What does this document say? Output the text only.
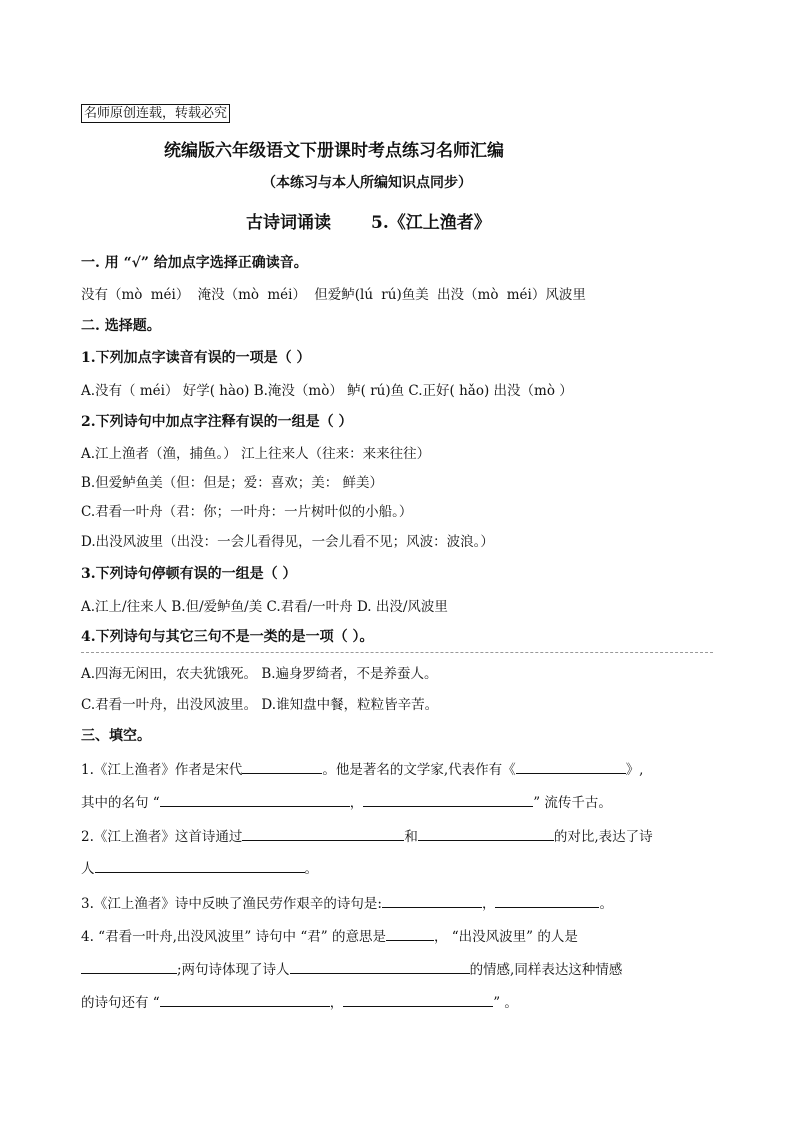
名师原创连载，转载必究
统编版六年级语文下册课时考点练习名师汇编
（本练习与本人所编知识点同步）
古诗词诵读 5.《江上渔者》
一. 用 “√” 给加点字选择正确读音。
没有（mò méi） 淹没（mò méi） 但爱鲈(lú rú)鱼美 出没（mò méi）风波里
二. 选择题。
1.下列加点字读音有误的一项是（ ）
A.没有（ méi） 好学( hào) B.淹没（mò） 鲈( rú)鱼 C.正好( hǎo) 出没（mò ）
2.下列诗句中加点字注释有误的一组是（ ）
A.江上渔者（渔，捕鱼。） 江上往来人（往来：来来往往）
B.但爱鲈鱼美（但：但是；爱：喜欢；美： 鲜美）
C.君看一叶舟（君：你；一叶舟：一片树叶似的小船。）
D.出没风波里（出没：一会儿看得见，一会儿看不见；风波：波浪。）
3.下列诗句停顿有误的一组是（ ）
A.江上/往来人 B.但/爱鲈鱼/美 C.君看/一叶舟 D. 出没/风波里
4.下列诗句与其它三句不是一类的是一项（ ）。
A.四海无闲田，农夫犹饿死。 B.遍身罗绮者，不是养蚕人。
C.君看一叶舟，出没风波里。 D.谁知盘中餐，粒粒皆辛苦。
三、填空。
1.《江上渔者》作者是宋代	。他是著名的文学家,代表作有《	》,
其中的名句 “	，	” 流传千古。
2.《江上渔者》这首诗通过	和	的对比,表达了诗
人	。
3.《江上渔者》诗中反映了渔民劳作艰辛的诗句是:	，	。
4. “君看一叶舟,出没风波里” 诗句中 “君” 的意思是	， “出没风波里” 的人是
;两句诗体现了诗人	的情感,同样表达这种情感
的诗句还有 “	，	” 。
